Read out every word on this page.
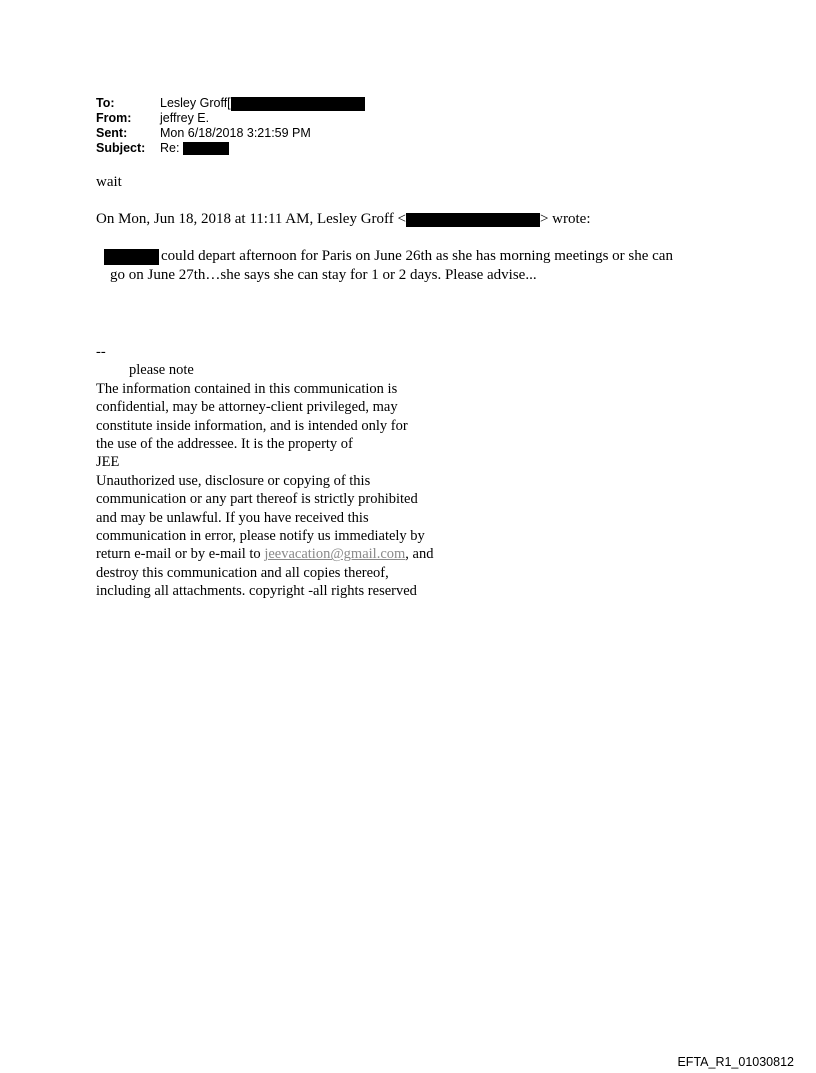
To:	Lesley Groff[
From:	jeffrey E.
Sent:	Mon 6/18/2018 3:21:59 PM
Subject:	Re:
wait
On Mon, Jun 18, 2018 at 11:11 AM, Lesley Groff <	> wrote:
could depart afternoon for Paris on June 26th as she has morning meetings or she can
go on June 27th…she says she can stay for 1 or 2 days. Please advise...
--
please note
The information contained in this communication is
confidential, may be attorney-client privileged, may
constitute inside information, and is intended only for
the use of the addressee. It is the property of
JEE
Unauthorized use, disclosure or copying of this
communication or any part thereof is strictly prohibited
and may be unlawful. If you have received this
communication in error, please notify us immediately by
return e-mail or by e-mail to jeevacation@gmail.com, and
destroy this communication and all copies thereof,
including all attachments. copyright -all rights reserved
EFTA_R1_01030812
